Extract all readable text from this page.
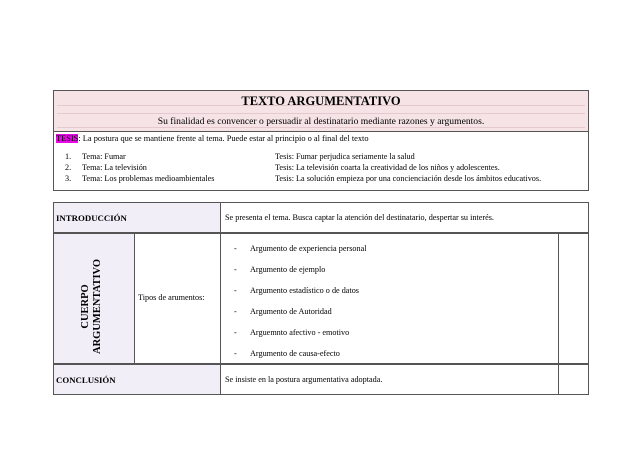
TEXTO ARGUMENTATIVO
Su finalidad es convencer o persuadir al destinatario mediante razones y argumentos.
TESIS: La postura que se mantiene frente al tema. Puede estar al principio o al final del texto
1. Tema: Fumar	Tesis: Fumar perjudica seriamente la salud
2. Tema: La televisión	Tesis: La televisión coarta la creatividad de los niños y adolescentes.
3. Tema: Los problemas medioambientales	Tesis: La solución empieza por una concienciación desde los ámbitos educativos.
INTRODUCCIÓN	Se presenta el tema. Busca captar la atención del destinatario, despertar su interés.
CUERPO ARGUMENTATIVO	Tipos de arumentos:
- Argumento de experiencia personal
- Argumento de ejemplo
- Argumento estadístico o de datos
- Argumento de Autoridad
- Arguemnto afectivo - emotivo
- Argumento de causa-efecto
CONCLUSIÓN	Se insiste en la postura argumentativa adoptada.
